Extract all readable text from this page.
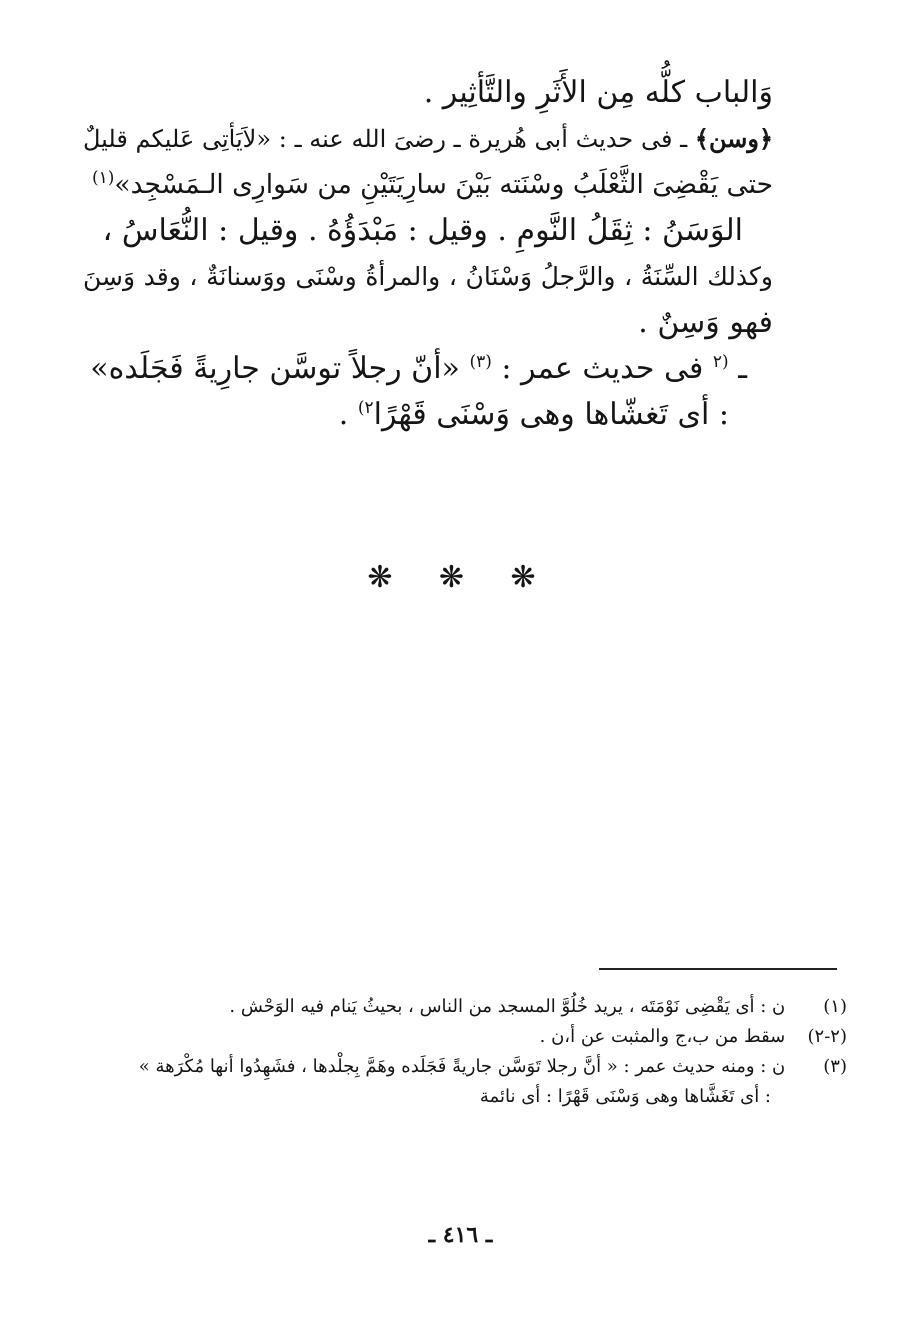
وَالباب كلُّه مِن الأَثَرِ والتَّأثِير .
﴿وسن﴾ ـ فى حديث أبى هُريرة ـ رضىَ الله عنه ـ : «لاَيَأتِى عَليكم قليلٌ
حتى يَقْضِىَ الثَّعْلَبُ وسْنَته بَيْنَ سارِيَتَيْنِ من سَوارِى الـمَسْجِد»$^{(١)}$
الوَسَنُ : ثِقَلُ النَّومِ . وقيل : مَبْدَؤُهُ . وقيل : النُّعَاسُ ،
وكذلك السِّنَةُ ، والرَّجلُ وَسْنَانُ ، والمرأةُ وسْنَى ووَسنانَةٌ ، وقد وَسِنَ
فهو وَسِنٌ .
ـ $^{(٢}$ فى حديث عمر : $^{(٣)}$ «أنّ رجلاً توسَّن جارِيةً فَجَلَده»
: أى تَغشّاها وهى وَسْنَى قَهْرًا$^{٢)}$ .
❋ ❋ ❋
(١) ن : أى يَقْضِى نَوْمَتَه ، يريد خُلُوَّ المسجد من الناس ، بحيثُ يَنام فيه الوَحْش .
(٢-٢) سقط من ب،ج والمثبت عن أ،ن .
(٣) ن : ومنه حديث عمر : « أنَّ رجلا تَوَسَّن جاريةً فَجَلَده وهَمَّ بِجلْدها ، فشَهِدُوا أنها مُكْرَهة »
: أى تَغَشَّاها وهى وَسْنَى قَهْرًا : أى نائمة
ـ ٤١٦ ـ
